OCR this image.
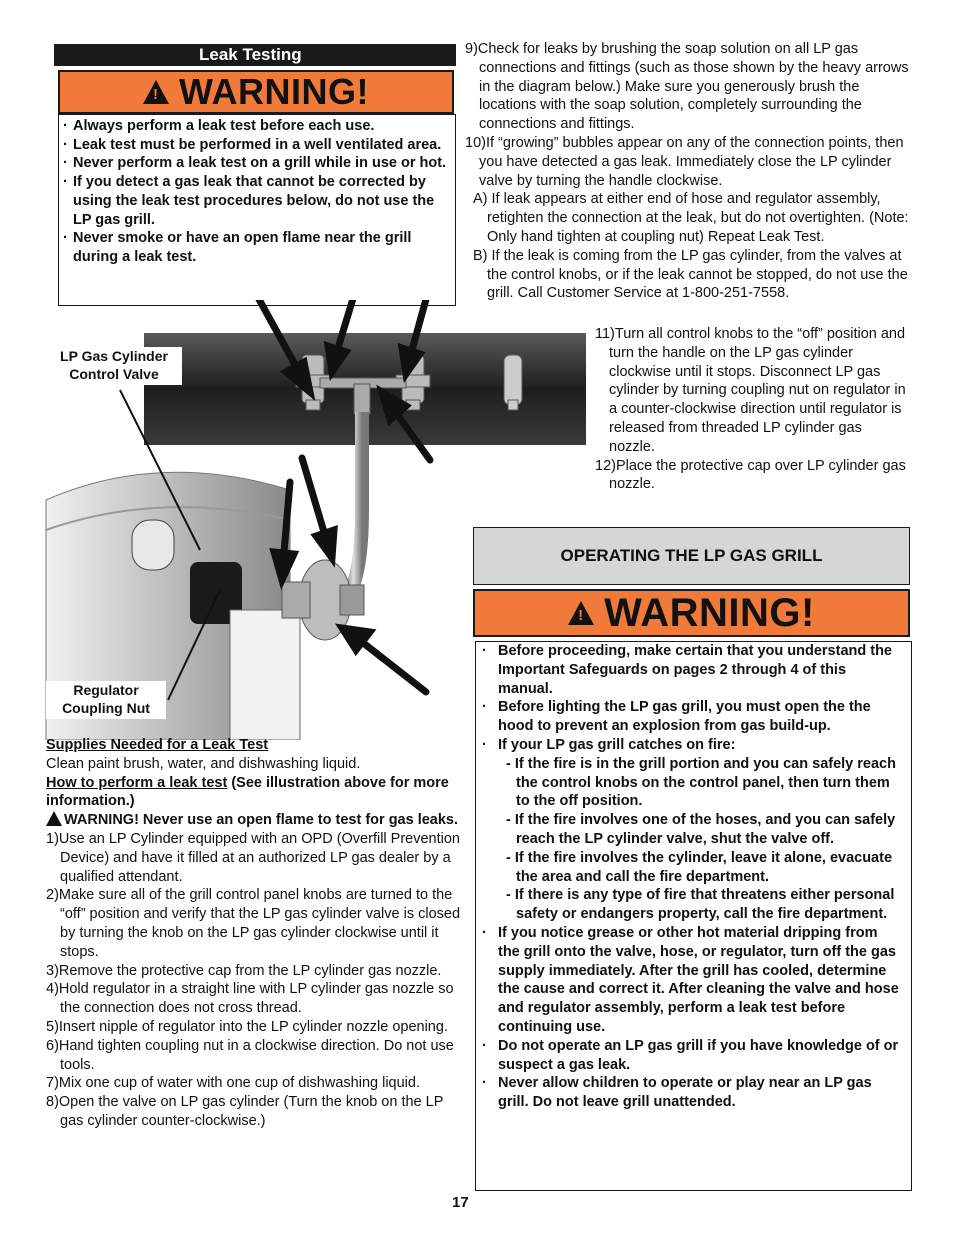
Leak Testing
! WARNING!
· Always perform a leak test before each use.
· Leak test must be performed in a well ventilated area.
· Never perform a leak test on a grill while in use or hot.
· If you detect a gas leak that cannot be corrected by using the leak test procedures below, do not use the LP gas grill.
· Never smoke or have an open flame near the grill during a leak test.
LP Gas Cylinder
Control Valve
Regulator
Coupling Nut
9)Check for leaks by brushing the soap solution on all LP gas connections and fittings (such as those shown by the heavy arrows in the diagram below.) Make sure you generously brush the locations with the soap solution, completely surrounding the connections and fittings.
10)If “growing” bubbles appear on any of the connection points, then you have detected a gas leak. Immediately close the LP cylinder valve by turning the handle clockwise.
A) If leak appears at either end of hose and regulator assembly, retighten the connection at the leak, but do not overtighten. (Note: Only hand tighten at coupling nut) Repeat Leak Test.
B) If the leak is coming from the LP gas cylinder, from the valves at the control knobs, or if the leak cannot be stopped, do not use the grill. Call Customer Service at 1-800-251-7558.
11)Turn all control knobs to the “off” position and turn the handle on the LP gas cylinder clockwise until it stops. Disconnect LP gas cylinder by turning coupling nut on regulator in a counter-clockwise direction until regulator is released from threaded LP cylinder gas nozzle.
12)Place the protective cap over LP cylinder gas nozzle.
Supplies Needed for a Leak Test
Clean paint brush, water, and dishwashing liquid.
How to perform a leak test (See illustration above for more information.)
WARNING! Never use an open flame to test for gas leaks.
1)Use an LP Cylinder equipped with an OPD (Overfill Prevention Device) and have it filled at an authorized LP gas dealer by a qualified attendant.
2)Make sure all of the grill control panel knobs are turned to the “off” position and verify that the LP gas cylinder valve is closed by turning the knob on the LP gas cylinder clockwise until it stops.
3)Remove the protective cap from the LP cylinder gas nozzle.
4)Hold regulator in a straight line with LP cylinder gas nozzle so the connection does not cross thread.
5)Insert nipple of regulator into the LP cylinder nozzle opening.
6)Hand tighten coupling nut in a clockwise direction. Do not use tools.
7)Mix one cup of water with one cup of dishwashing liquid.
8)Open the valve on LP gas cylinder (Turn the knob on the LP gas cylinder counter-clockwise.)
OPERATING THE LP GAS GRILL
! WARNING!
· Before proceeding, make certain that you understand the Important Safeguards on pages 2 through 4 of this manual.
· Before lighting the LP gas grill, you must open the the hood to prevent an explosion from gas build-up.
· If your LP gas grill catches on fire:
- If the fire is in the grill portion and you can safely reach the control knobs on the control panel, then turn them to the off position.
- If the fire involves one of the hoses, and you can safely reach the LP cylinder valve, shut the valve off.
- If the fire involves the cylinder, leave it alone, evacuate the area and call the fire department.
- If there is any type of fire that threatens either personal safety or endangers property, call the fire department.
· If you notice grease or other hot material dripping from the grill onto the valve, hose, or regulator, turn off the gas supply immediately. After the grill has cooled, determine the cause and correct it. After cleaning the valve and hose and regulator assembly, perform a leak test before continuing use.
· Do not operate an LP gas grill if you have knowledge of or suspect a gas leak.
· Never allow children to operate or play near an LP gas grill. Do not leave grill unattended.
17
